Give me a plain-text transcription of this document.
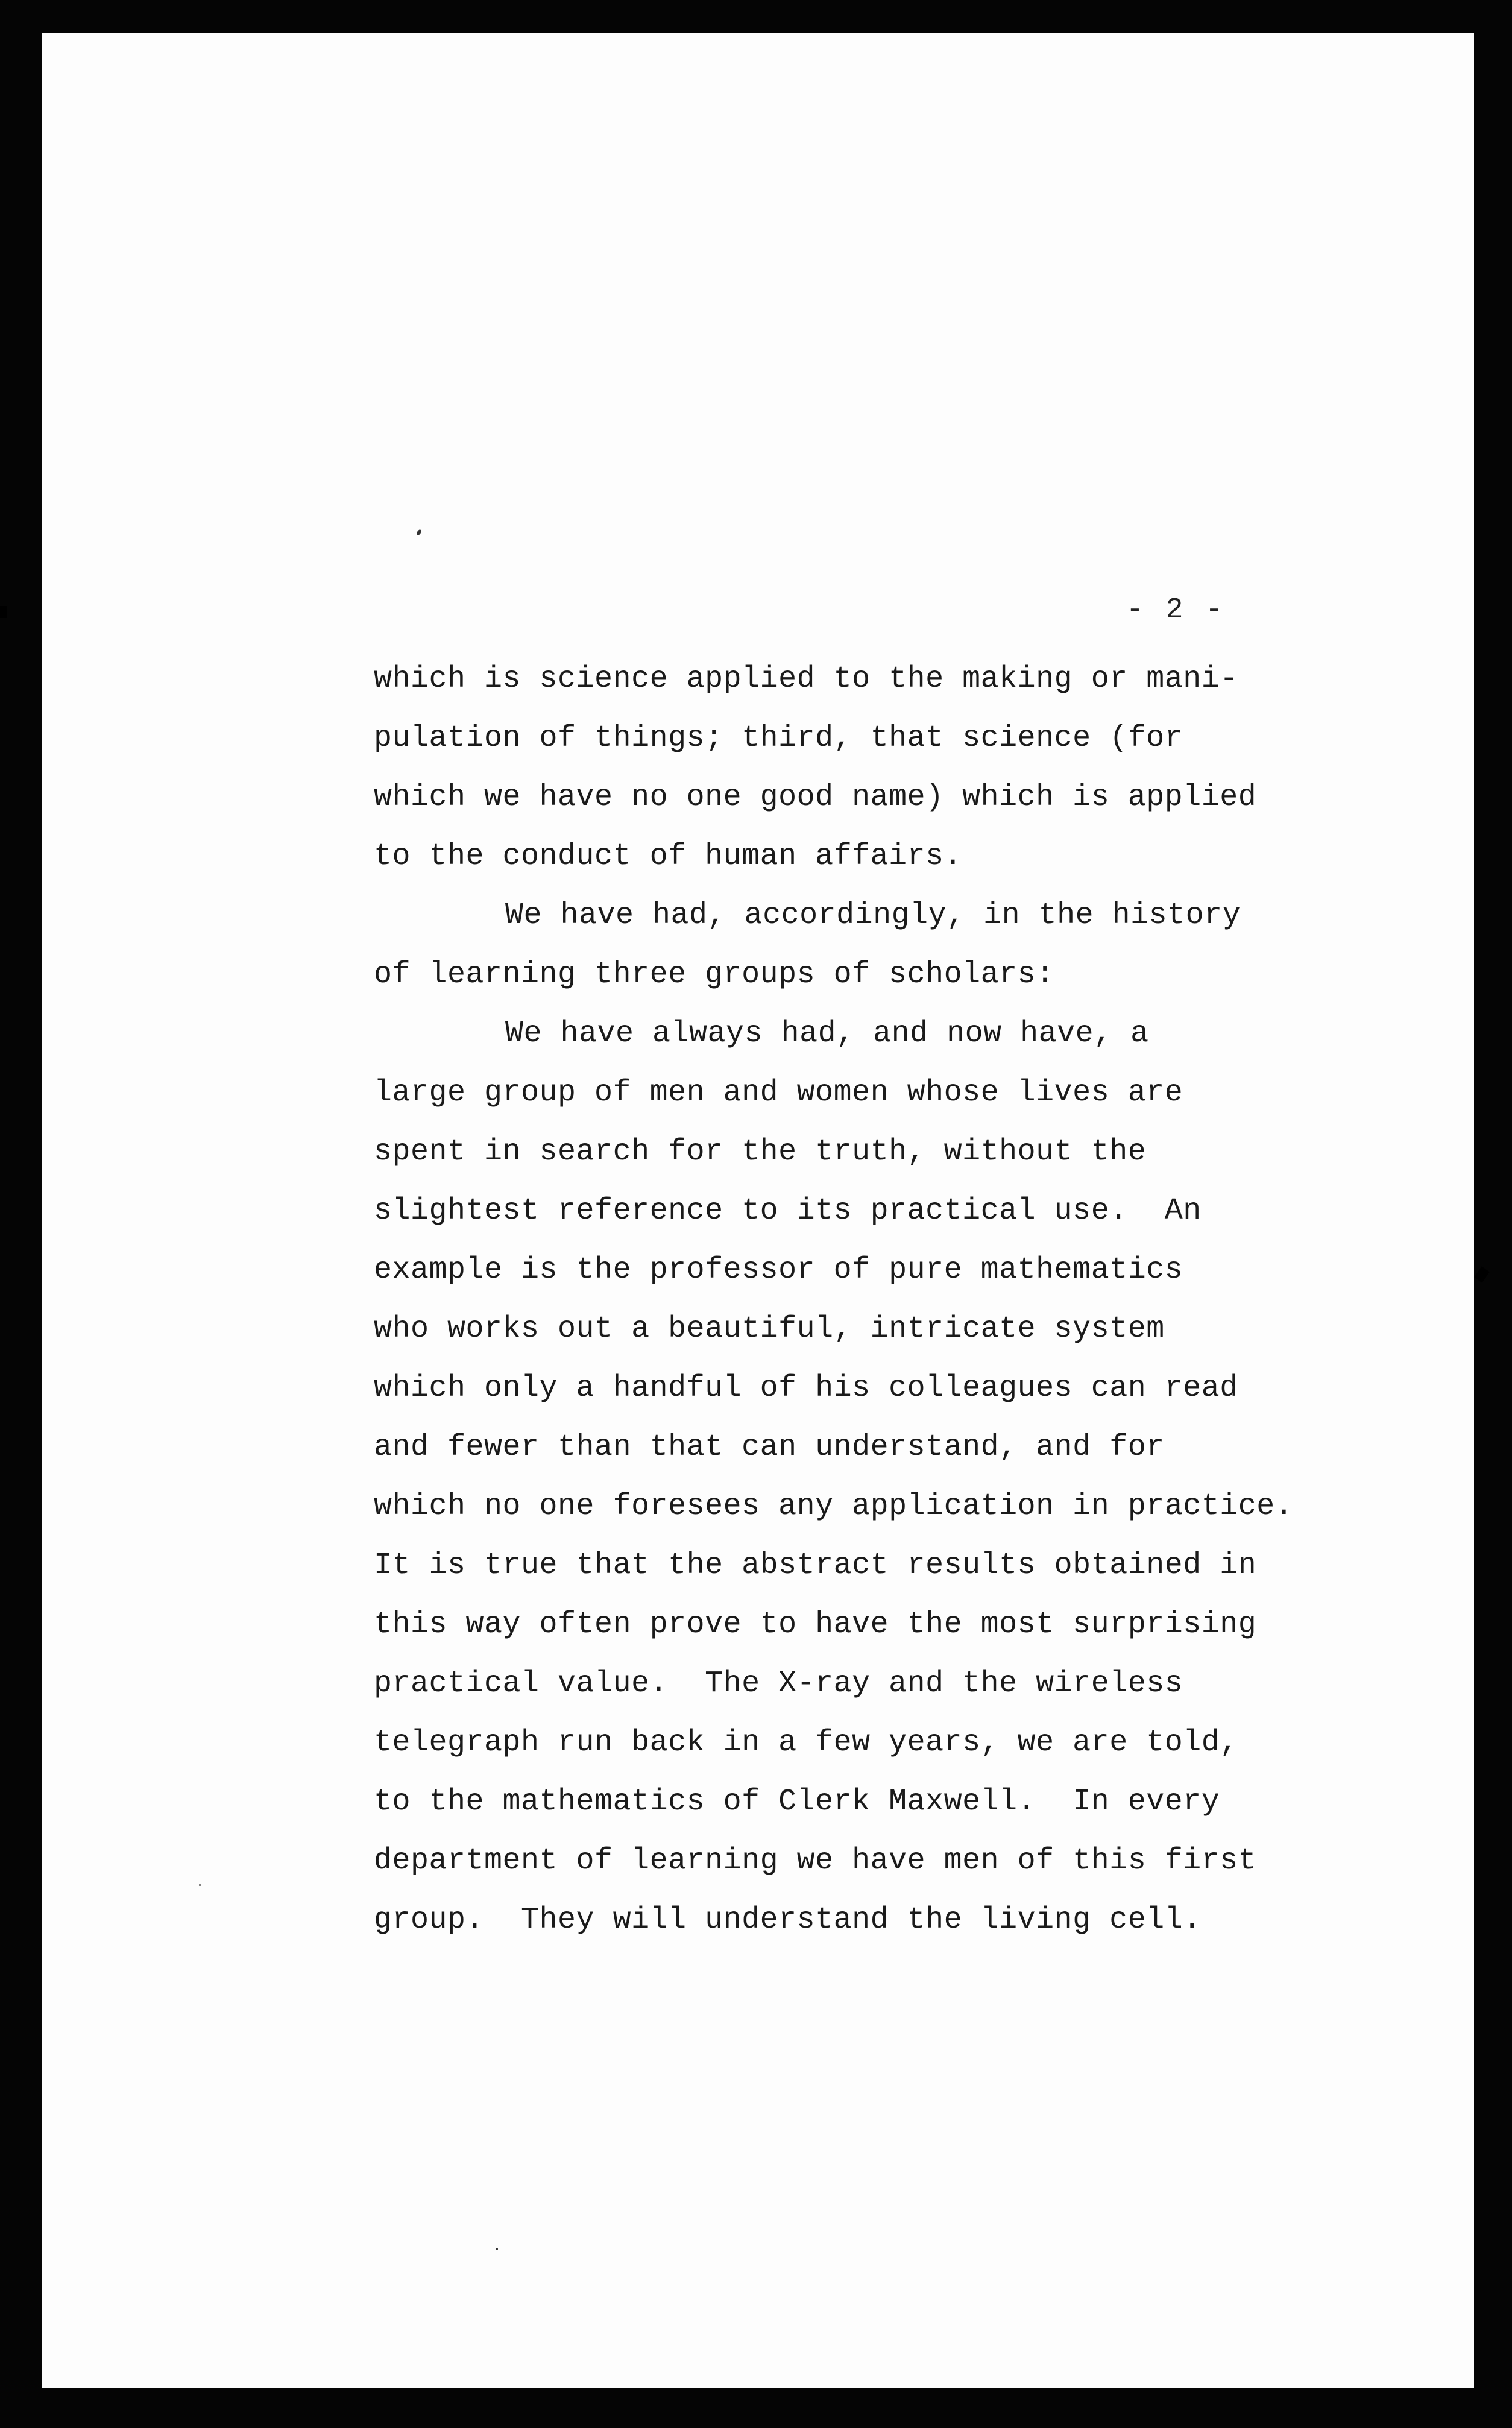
- 2 -
which is science applied to the making or mani-
pulation of things; third, that science (for
which we have no one good name) which is applied
to the conduct of human affairs.
We have had, accordingly, in the history
of learning three groups of scholars:
We have always had, and now have, a
large group of men and women whose lives are
spent in search for the truth, without the
slightest reference to its practical use.  An
example is the professor of pure mathematics
who works out a beautiful, intricate system
which only a handful of his colleagues can read
and fewer than that can understand, and for
which no one foresees any application in practice.
It is true that the abstract results obtained in
this way often prove to have the most surprising
practical value.  The X-ray and the wireless
telegraph run back in a few years, we are told,
to the mathematics of Clerk Maxwell.  In every
department of learning we have men of this first
group.  They will understand the living cell.
